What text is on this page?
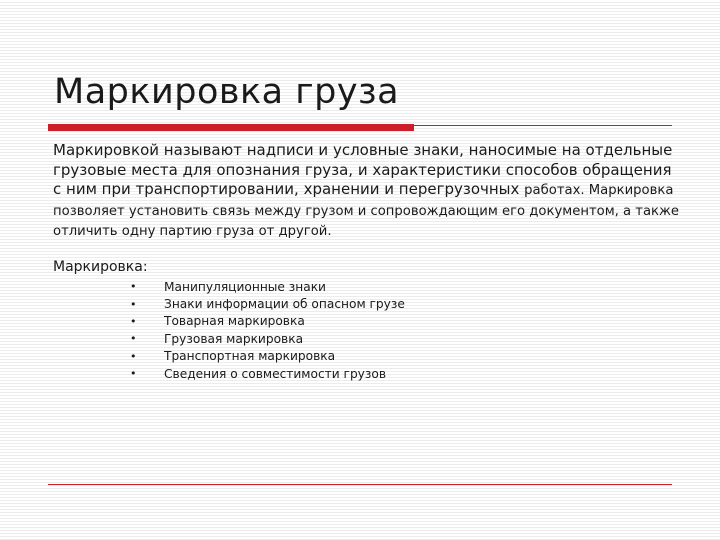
Маркировка груза

Маркировкой называют надписи и условные знаки, наносимые на отдельные грузовые места для опознания груза, и характеристики способов обращения с ним при транспортировании, хранении и перегрузочных работах. Маркировка позволяет установить связь между грузом и сопровождающим его документом, а также отличить одну партию груза от другой.

Маркировка:

•	Манипуляционные знаки
•	Знаки информации об опасном грузе
•	Товарная маркировка
•	Грузовая маркировка
•	Транспортная маркировка
•	Сведения о совместимости грузов
